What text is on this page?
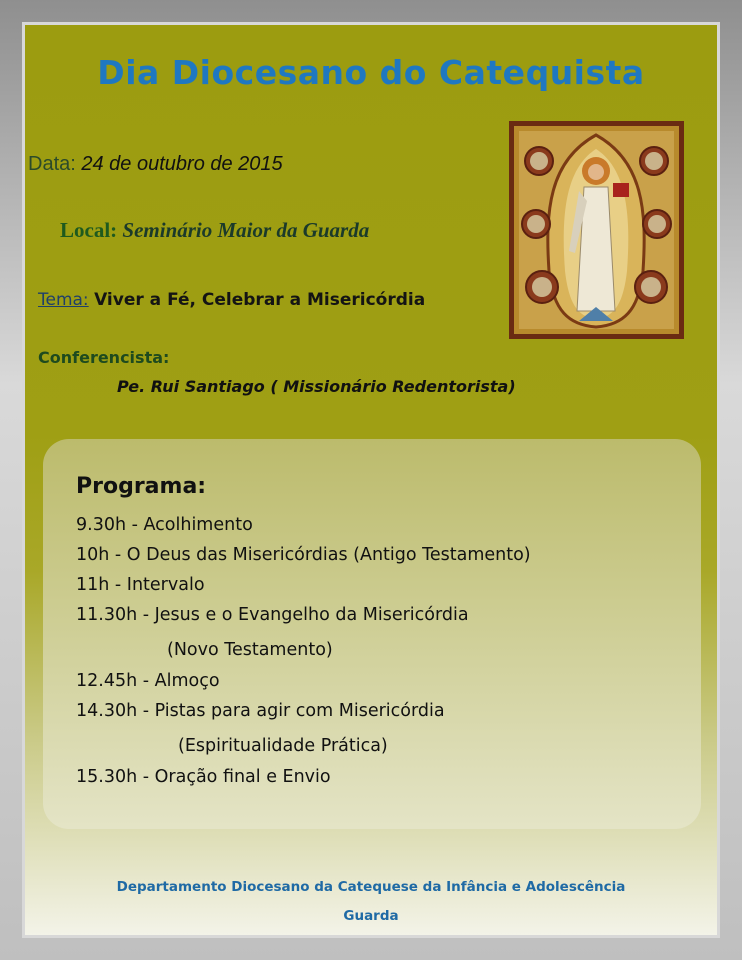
Dia Diocesano do Catequista
Data: 24 de outubro de 2015
Local: Seminário Maior da Guarda
Tema: Viver a Fé, Celebrar a Misericórdia
Conferencista:
Pe. Rui Santiago ( Missionário Redentorista)
Programa:
9.30h - Acolhimento
10h - O Deus das Misericórdias (Antigo Testamento)
11h - Intervalo
11.30h - Jesus e o Evangelho da Misericórdia
(Novo Testamento)
12.45h - Almoço
14.30h - Pistas para agir com Misericórdia
(Espiritualidade Prática)
15.30h - Oração final e Envio
Departamento Diocesano da Catequese da Infância e Adolescência
Guarda
